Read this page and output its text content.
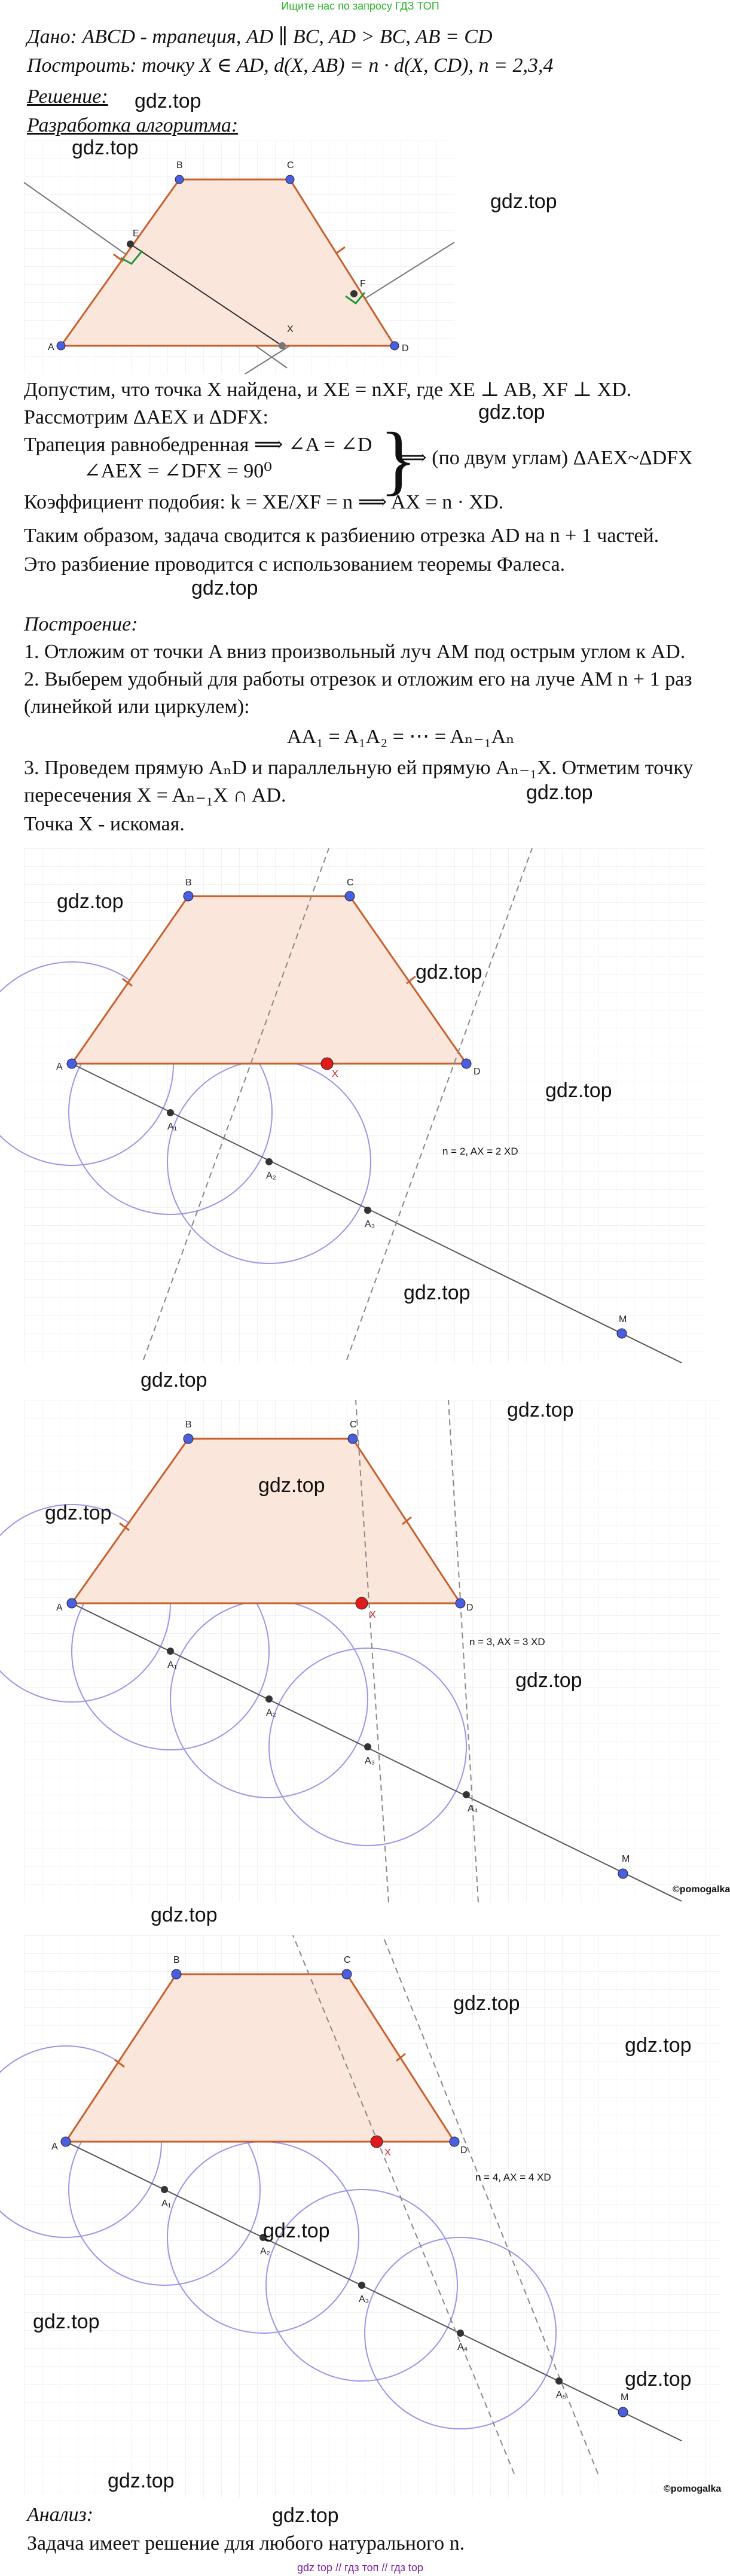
Ищите нас по запросу ГДЗ ТОП
Дано: ABCD - трапеция, AD ∥ BC, AD > BC, AB = CD
Построить: точку X ∈ AD, d(X, AB) = n · d(X, CD), n = 2,3,4
Решение:
Разработка алгоритма:
gdz.top
gdz.top
A
B	C
D
E
F
X
Допустим, что точка X найдена, и XE = nXF, где XE ⊥ AB, XF ⊥ XD.
Рассмотрим ΔAEX и ΔDFX:	gdz.top
Трапеция равнобедренная ⟹ ∠A = ∠D
∠AEX = ∠DFX = 90⁰ }
⟹ (по двум углам) ΔAEX~ΔDFX
Коэффициент подобия: k = XE/XF = n ⟹ AX = n · XD.
Таким образом, задача сводится к разбиению отрезка AD на n + 1 частей.
Это разбиение проводится с использованием теоремы Фалеса.
gdz.top
Построение:
1. Отложим от точки A вниз произвольный луч AM под острым углом к AD.
2. Выберем удобный для работы отрезок и отложим его на луче AM n + 1 раз
(линейкой или циркулем):
AA₁ = A₁A₂ = ⋯ = Aₙ₋₁Aₙ
3. Проведем прямую AₙD и параллельную ей прямую Aₙ₋₁X. Отметим точку
пересечения X = Aₙ₋₁X ∩ AD.	gdz.top
Точка X - искомая.
A
B	C
D
X
A₁
A₂
A₃
M
n = 2, AX = 2 XD
gdz.top
gdz.top
gdz.top
gdz.top
gdz.top
A
B	C
D
X
A₁
A₂
A₃
A₄
M
n = 3, AX = 3 XD
gdz.top
gdz.top
gdz.top
gdz.top
©pomogalka
gdz.top
A
B	C
D
X
A₁
A₂
A₃
A₄
A₅	M
n = 4, AX = 4 XD
gdz.top
gdz.top
gdz.top
gdz.top
gdz.top
©pomogalka
gdz.top
Анализ:	gdz.top
Задача имеет решение для любого натурального n.
gdz top // гдз топ // гдз top
